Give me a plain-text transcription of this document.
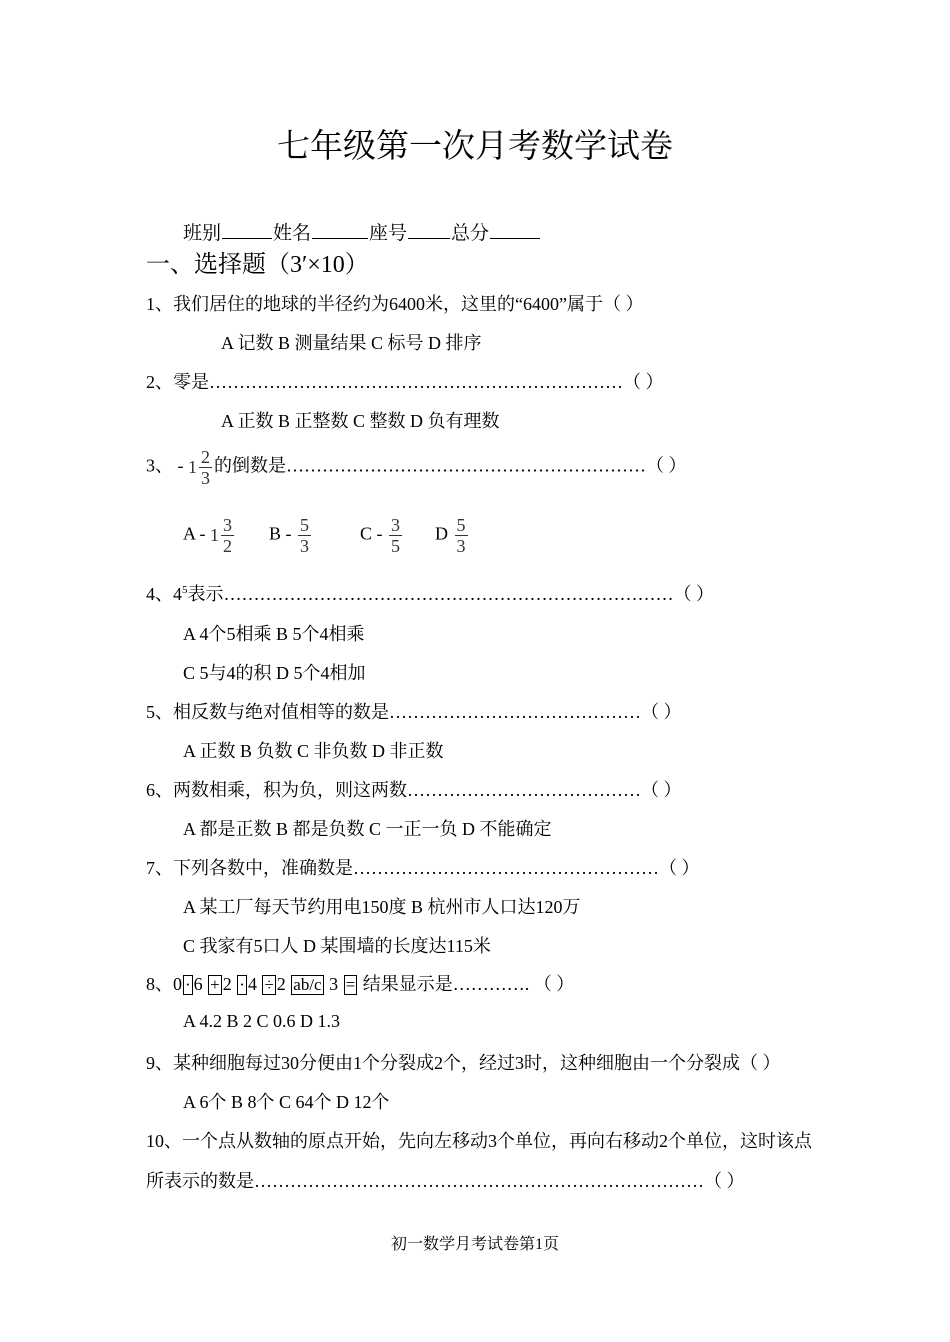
七年级第一次月考数学试卷
班别	姓名	座号 总分
一、选择题（3′×10）
1、我们居住的地球的半径约为6400米，这里的“6400”属于（ ）
A 记数 B 测量结果 C 标号 D 排序
2、零是……………………………………………………………（ ）
A 正数 B 正整数 C 整数 D 负有理数
3、 - $1 \frac{2}{3}$ 的倒数是……………………………………………………（ ）
A - $1 \frac{3}{2}$ B - $\frac{5}{3}$	C - $\frac{3}{5}$ D $\frac{5}{3}$
4、$4^5$表示…………………………………………………………………（ ）
A 4个5相乘 B 5个4相乘
C 5与4的积 D 5个4相加
5、相反数与绝对值相等的数是……………………………………（ ）
A 正数 B 负数 C 非负数 D 非正数
6、两数相乘，积为负，则这两数…………………………………（ ）
A 都是正数 B 都是负数 C 一正一负 D 不能确定
7、下列各数中，准确数是……………………………………………（ ）
A 某工厂每天节约用电150度 B 杭州市人口达120万
C 我家有5口人 D 某围墙的长度达115米
8、0 · 6 + 2 · 4 ÷ 2 ab/c 3 = 结果显示是…………. （ ）
A 4.2 B 2 C 0.6 D 1.3
9、某种细胞每过30分便由1个分裂成2个，经过3时，这种细胞由一个分裂成（ ）
A 6个 B 8个 C 64个 D 12个
10、一个点从数轴的原点开始，先向左移动3个单位，再向右移动2个单位，这时该点
所表示的数是…………………………………………………………………（ ）
初一数学月考试卷第1页
